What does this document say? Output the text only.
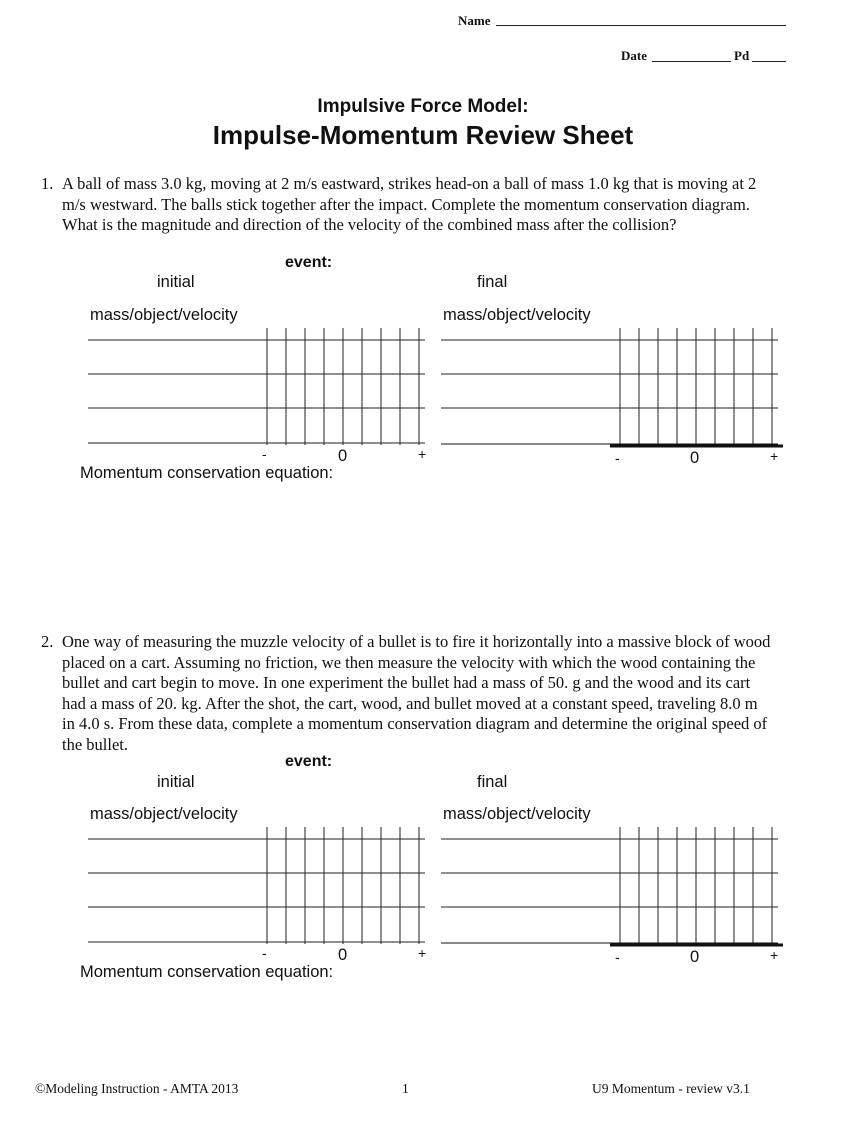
Name
Date	Pd
Impulsive Force Model:
Impulse-Momentum Review Sheet
1. A ball of mass 3.0 kg, moving at 2 m/s eastward, strikes head-on a ball of mass 1.0 kg that is moving at 2 m/s westward. The balls stick together after the impact. Complete the momentum conservation diagram. What is the magnitude and direction of the velocity of the combined mass after the collision?
event:
initial	final
mass/object/velocity	mass/object/velocity
-	0	+	-	0	+
Momentum conservation equation:
2. One way of measuring the muzzle velocity of a bullet is to fire it horizontally into a massive block of wood placed on a cart. Assuming no friction, we then measure the velocity with which the wood containing the bullet and cart begin to move. In one experiment the bullet had a mass of 50. g and the wood and its cart had a mass of 20. kg. After the shot, the cart, wood, and bullet moved at a constant speed, traveling 8.0 m in 4.0 s. From these data, complete a momentum conservation diagram and determine the original speed of the bullet.
event:
initial	final
mass/object/velocity	mass/object/velocity
-	0	+	-	0	+
Momentum conservation equation:
©Modeling Instruction - AMTA 2013	1	U9 Momentum - review v3.1
